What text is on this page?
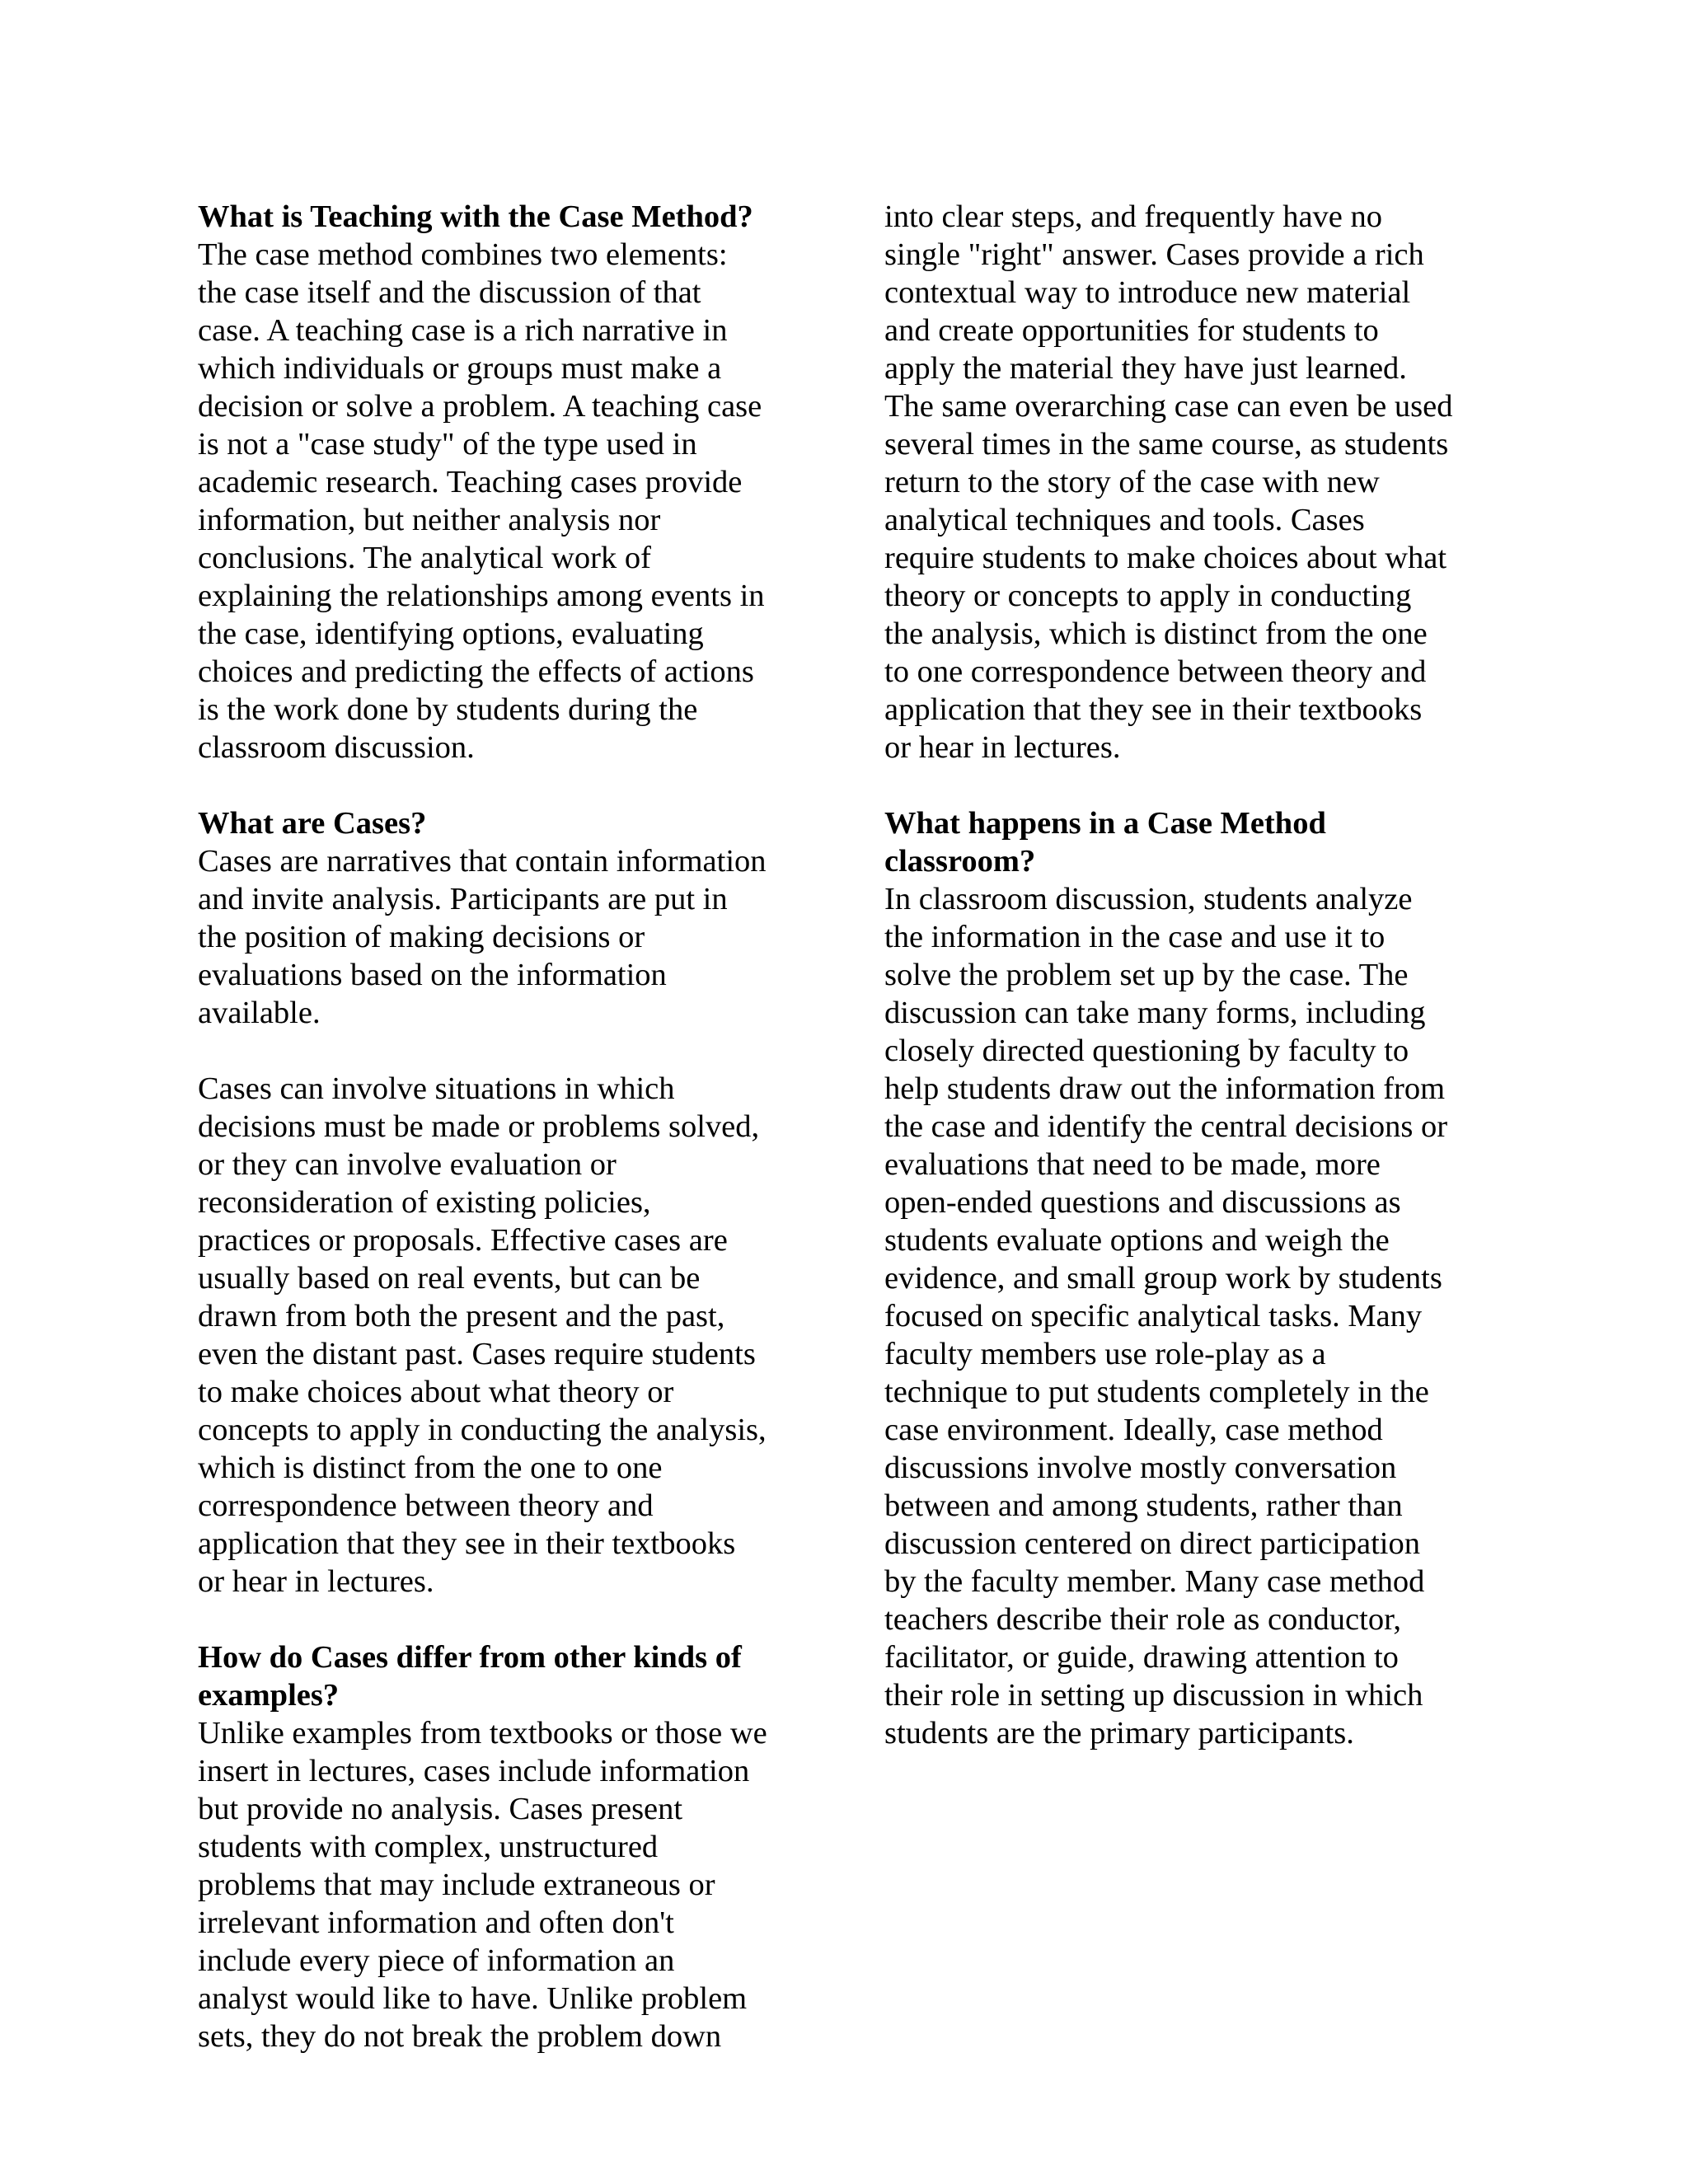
What is Teaching with the Case Method?
The case method combines two elements:
the case itself and the discussion of that
case. A teaching case is a rich narrative in
which individuals or groups must make a
decision or solve a problem. A teaching case
is not a "case study" of the type used in
academic research. Teaching cases provide
information, but neither analysis nor
conclusions. The analytical work of
explaining the relationships among events in
the case, identifying options, evaluating
choices and predicting the effects of actions
is the work done by students during the
classroom discussion.
What are Cases?
Cases are narratives that contain information
and invite analysis. Participants are put in
the position of making decisions or
evaluations based on the information
available.
Cases can involve situations in which
decisions must be made or problems solved,
or they can involve evaluation or
reconsideration of existing policies,
practices or proposals. Effective cases are
usually based on real events, but can be
drawn from both the present and the past,
even the distant past. Cases require students
to make choices about what theory or
concepts to apply in conducting the analysis,
which is distinct from the one to one
correspondence between theory and
application that they see in their textbooks
or hear in lectures.
How do Cases differ from other kinds of
examples?
Unlike examples from textbooks or those we
insert in lectures, cases include information
but provide no analysis. Cases present
students with complex, unstructured
problems that may include extraneous or
irrelevant information and often don't
include every piece of information an
analyst would like to have. Unlike problem
sets, they do not break the problem down
into clear steps, and frequently have no
single "right" answer. Cases provide a rich
contextual way to introduce new material
and create opportunities for students to
apply the material they have just learned.
The same overarching case can even be used
several times in the same course, as students
return to the story of the case with new
analytical techniques and tools. Cases
require students to make choices about what
theory or concepts to apply in conducting
the analysis, which is distinct from the one
to one correspondence between theory and
application that they see in their textbooks
or hear in lectures.
What happens in a Case Method
classroom?
In classroom discussion, students analyze
the information in the case and use it to
solve the problem set up by the case. The
discussion can take many forms, including
closely directed questioning by faculty to
help students draw out the information from
the case and identify the central decisions or
evaluations that need to be made, more
open-ended questions and discussions as
students evaluate options and weigh the
evidence, and small group work by students
focused on specific analytical tasks. Many
faculty members use role-play as a
technique to put students completely in the
case environment. Ideally, case method
discussions involve mostly conversation
between and among students, rather than
discussion centered on direct participation
by the faculty member. Many case method
teachers describe their role as conductor,
facilitator, or guide, drawing attention to
their role in setting up discussion in which
students are the primary participants.
